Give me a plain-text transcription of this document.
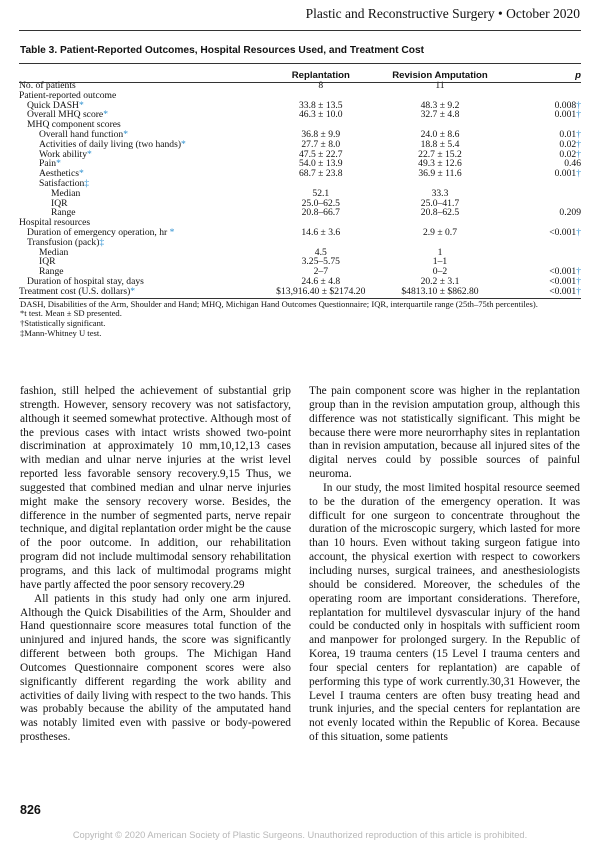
Plastic and Reconstructive Surgery • October 2020
Table 3. Patient-Reported Outcomes, Hospital Resources Used, and Treatment Cost
	Replantation	Revision Amputation	p
No. of patients	8	11	
Patient-reported outcome			
Quick DASH*	33.8 ± 13.5	48.3 ± 9.2	0.008†
Overall MHQ score*	46.3 ± 10.0	32.7 ± 4.8	0.001†
MHQ component scores			
Overall hand function*	36.8 ± 9.9	24.0 ± 8.6	0.01†
Activities of daily living (two hands)*	27.7 ± 8.0	18.8 ± 5.4	0.02†
Work ability*	47.5 ± 22.7	22.7 ± 15.2	0.02†
Pain*	54.0 ± 13.9	49.3 ± 12.6	0.46
Aesthetics*	68.7 ± 23.8	36.9 ± 11.6	0.001†
Satisfaction‡			
Median	52.1	33.3	
IQR	25.0–62.5	25.0–41.7	
Range	20.8–66.7	20.8–62.5	0.209
Hospital resources			
Duration of emergency operation, hr *	14.6 ± 3.6	2.9 ± 0.7	<0.001†
Transfusion (pack)‡			
Median	4.5	1	
IQR	3.25–5.75	1–1	
Range	2–7	0–2	<0.001†
Duration of hospital stay, days	24.6 ± 4.8	20.2 ± 3.1	<0.001†
Treatment cost (U.S. dollars)*	$13,916.40 ± $2174.20	$4813.10 ± $862.80	<0.001†
DASH, Disabilities of the Arm, Shoulder and Hand; MHQ, Michigan Hand Outcomes Questionnaire; IQR, interquartile range (25th–75th percentiles).
*t test. Mean ± SD presented.
†Statistically significant.
‡Mann-Whitney U test.

fashion, still helped the achievement of substantial grip strength. However, sensory recovery was not satisfactory, although it seemed somewhat protective. Although most of the previous cases with intact wrists showed two-point discrimination at approximately 10 mm,10,12,13 cases with median and ulnar nerve injuries at the wrist level reported less favorable sensory recovery.9,15 Thus, we suggested that combined median and ulnar nerve injuries might make the sensory recovery worse. Besides, the difference in the number of segmented parts, nerve repair technique, and digital replantation order might be the cause of the poor outcome. In addition, our rehabilitation program did not include multimodal sensory rehabilitation programs, and this lack of multimodal programs might have partly affected the poor sensory recovery.29

All patients in this study had only one arm injured. Although the Quick Disabilities of the Arm, Shoulder and Hand questionnaire score measures total function of the uninjured and injured hands, the score was significantly different between both groups. The Michigan Hand Outcomes Questionnaire component scores were also significantly different regarding the work ability and activities of daily living with respect to the two hands. This was probably because the ability of the amputated hand was notably limited even with passive or body-powered prostheses.

The pain component score was higher in the replantation group than in the revision amputation group, although this difference was not statistically significant. This might be because there were more neurorrhaphy sites in replantation than in revision amputation, because all injured sites of the digital nerves could by possible sources of painful neuroma.

In our study, the most limited hospital resource seemed to be the duration of the emergency operation. It was difficult for one surgeon to concentrate throughout the duration of the microscopic surgery, which lasted for more than 10 hours. Even without taking surgeon fatigue into account, the physical exertion with respect to coworkers including nurses, surgical trainees, and anesthesiologists should be considered. Moreover, the schedules of the operating room are important considerations. Therefore, replantation for multilevel dysvascular injury of the hand could be conducted only in hospitals with sufficient room and manpower for prolonged surgery. In the Republic of Korea, 19 trauma centers (15 Level I trauma centers and four special centers for replantation) are capable of performing this type of work currently.30,31 However, the Level I trauma centers are often busy treating head and trunk injuries, and the special centers for replantation are not evenly located within the Republic of Korea. Because of this situation, some patients

826
Copyright © 2020 American Society of Plastic Surgeons. Unauthorized reproduction of this article is prohibited.
